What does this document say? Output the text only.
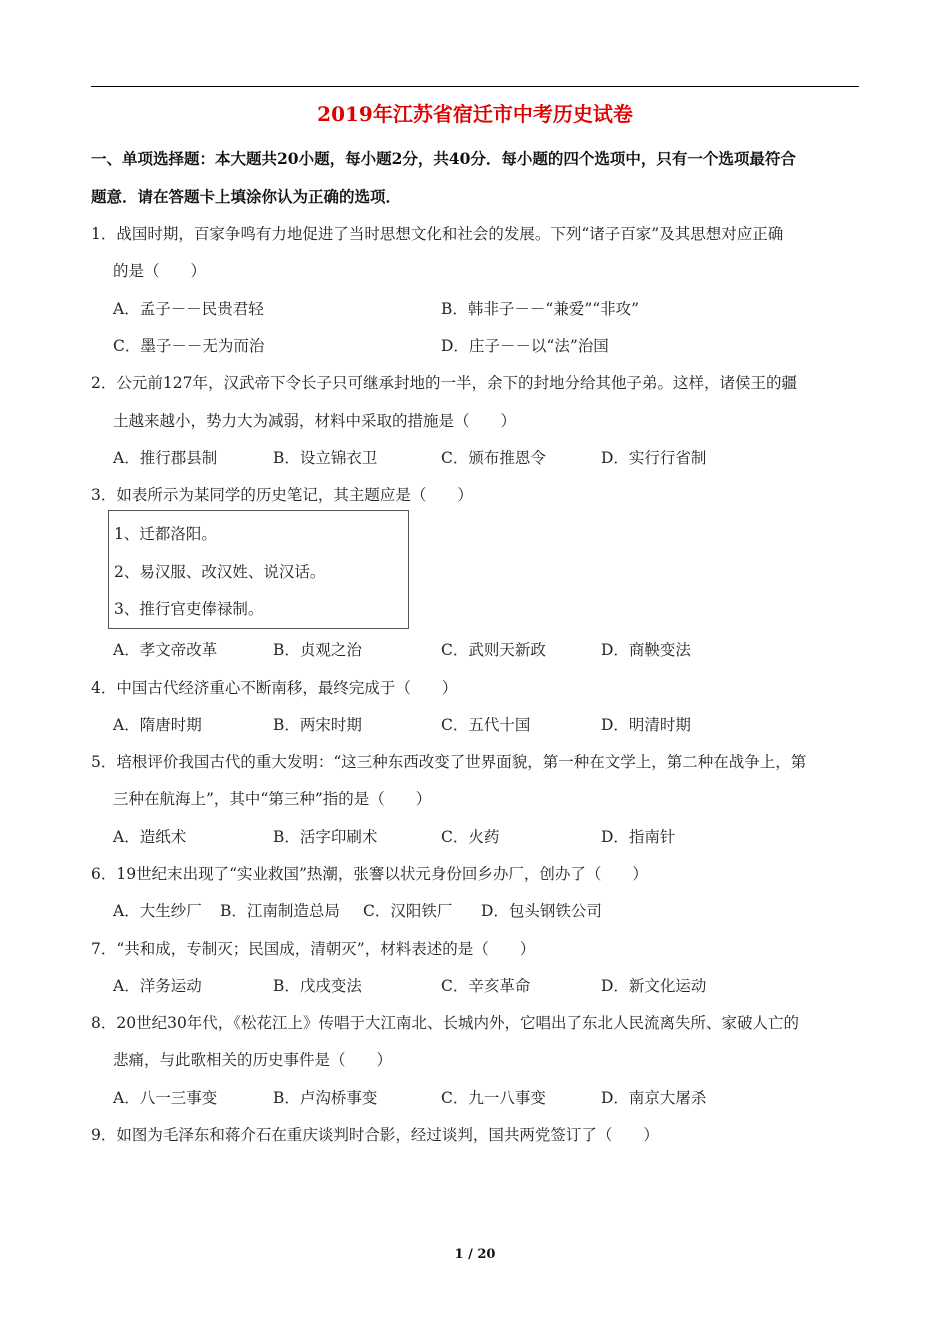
2019年江苏省宿迁市中考历史试卷
一、单项选择题：本大题共20小题，每小题2分，共40分．每小题的四个选项中，只有一个选项最符合
题意．请在答题卡上填涂你认为正确的选项．
1．战国时期，百家争鸣有力地促进了当时思想文化和社会的发展。下列“诸子百家”及其思想对应正确
的是（　　）
A．孟子－－民贵君轻	B．韩非子－－“兼爱”“非攻”
C．墨子－－无为而治	D．庄子－－以“法”治国
2．公元前127年，汉武帝下令长子只可继承封地的一半，余下的封地分给其他子弟。这样，诸侯王的疆
土越来越小，势力大为减弱，材料中采取的措施是（　　）
A．推行郡县制	B．设立锦衣卫	C．颁布推恩令	D．实行行省制
3．如表所示为某同学的历史笔记，其主题应是（　　）
1、迁都洛阳。
2、易汉服、改汉姓、说汉话。
3、推行官吏俸禄制。
A．孝文帝改革	B．贞观之治	C．武则天新政	D．商鞅变法
4．中国古代经济重心不断南移，最终完成于（　　）
A．隋唐时期	B．两宋时期	C．五代十国	D．明清时期
5．培根评价我国古代的重大发明：“这三种东西改变了世界面貌，第一种在文学上，第二种在战争上，第
三种在航海上”，其中“第三种”指的是（　　）
A．造纸术	B．活字印刷术	C．火药	D．指南针
6．19世纪末出现了“实业救国”热潮，张謇以状元身份回乡办厂，创办了（　　）
A．大生纱厂 B．江南制造总局 C．汉阳铁厂 D．包头钢铁公司
7．“共和成，专制灭；民国成，清朝灭”，材料表述的是（　　）
A．洋务运动	B．戊戌变法	C．辛亥革命	D．新文化运动
8．20世纪30年代，《松花江上》传唱于大江南北、长城内外，它唱出了东北人民流离失所、家破人亡的
悲痛，与此歌相关的历史事件是（　　）
A．八一三事变	B．卢沟桥事变	C．九一八事变	D．南京大屠杀
9．如图为毛泽东和蒋介石在重庆谈判时合影，经过谈判，国共两党签订了（　　）
1 / 20
